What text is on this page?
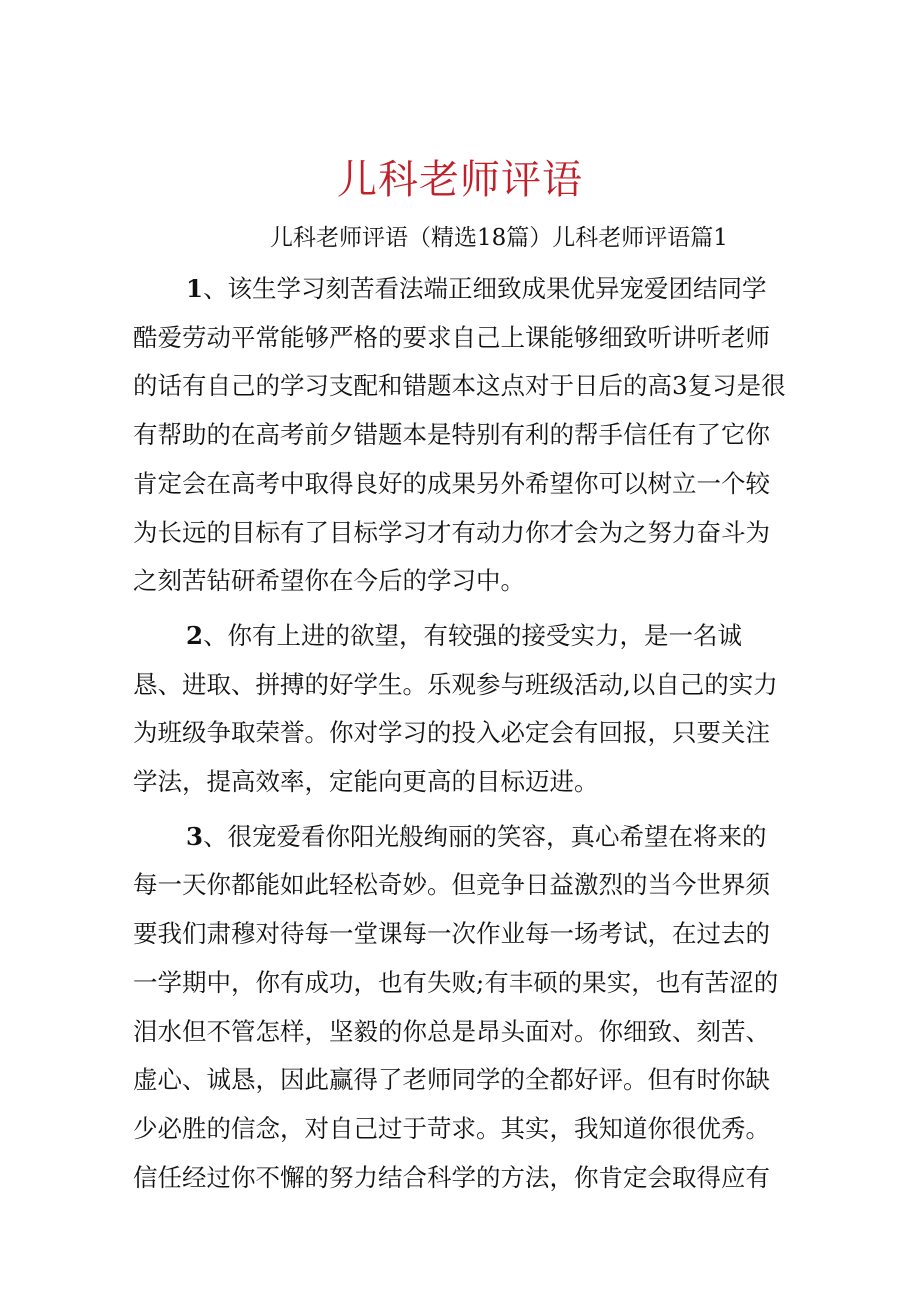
儿科老师评语
儿科老师评语（精选18篇）儿科老师评语篇1
1、该生学习刻苦看法端正细致成果优异宠爱团结同学
酷爱劳动平常能够严格的要求自己上课能够细致听讲听老师
的话有自己的学习支配和错题本这点对于日后的高3复习是很
有帮助的在高考前夕错题本是特别有利的帮手信任有了它你
肯定会在高考中取得良好的成果另外希望你可以树立一个较
为长远的目标有了目标学习才有动力你才会为之努力奋斗为
之刻苦钻研希望你在今后的学习中。
2、你有上进的欲望，有较强的接受实力，是一名诚
恳、进取、拼搏的好学生。乐观参与班级活动,以自己的实力
为班级争取荣誉。你对学习的投入必定会有回报，只要关注
学法，提高效率，定能向更高的目标迈进。
3、很宠爱看你阳光般绚丽的笑容，真心希望在将来的
每一天你都能如此轻松奇妙。但竞争日益激烈的当今世界须
要我们肃穆对待每一堂课每一次作业每一场考试，在过去的
一学期中，你有成功，也有失败;有丰硕的果实，也有苦涩的
泪水但不管怎样，坚毅的你总是昂头面对。你细致、刻苦、
虚心、诚恳，因此赢得了老师同学的全都好评。但有时你缺
少必胜的信念，对自己过于苛求。其实，我知道你很优秀。
信任经过你不懈的努力结合科学的方法，你肯定会取得应有
